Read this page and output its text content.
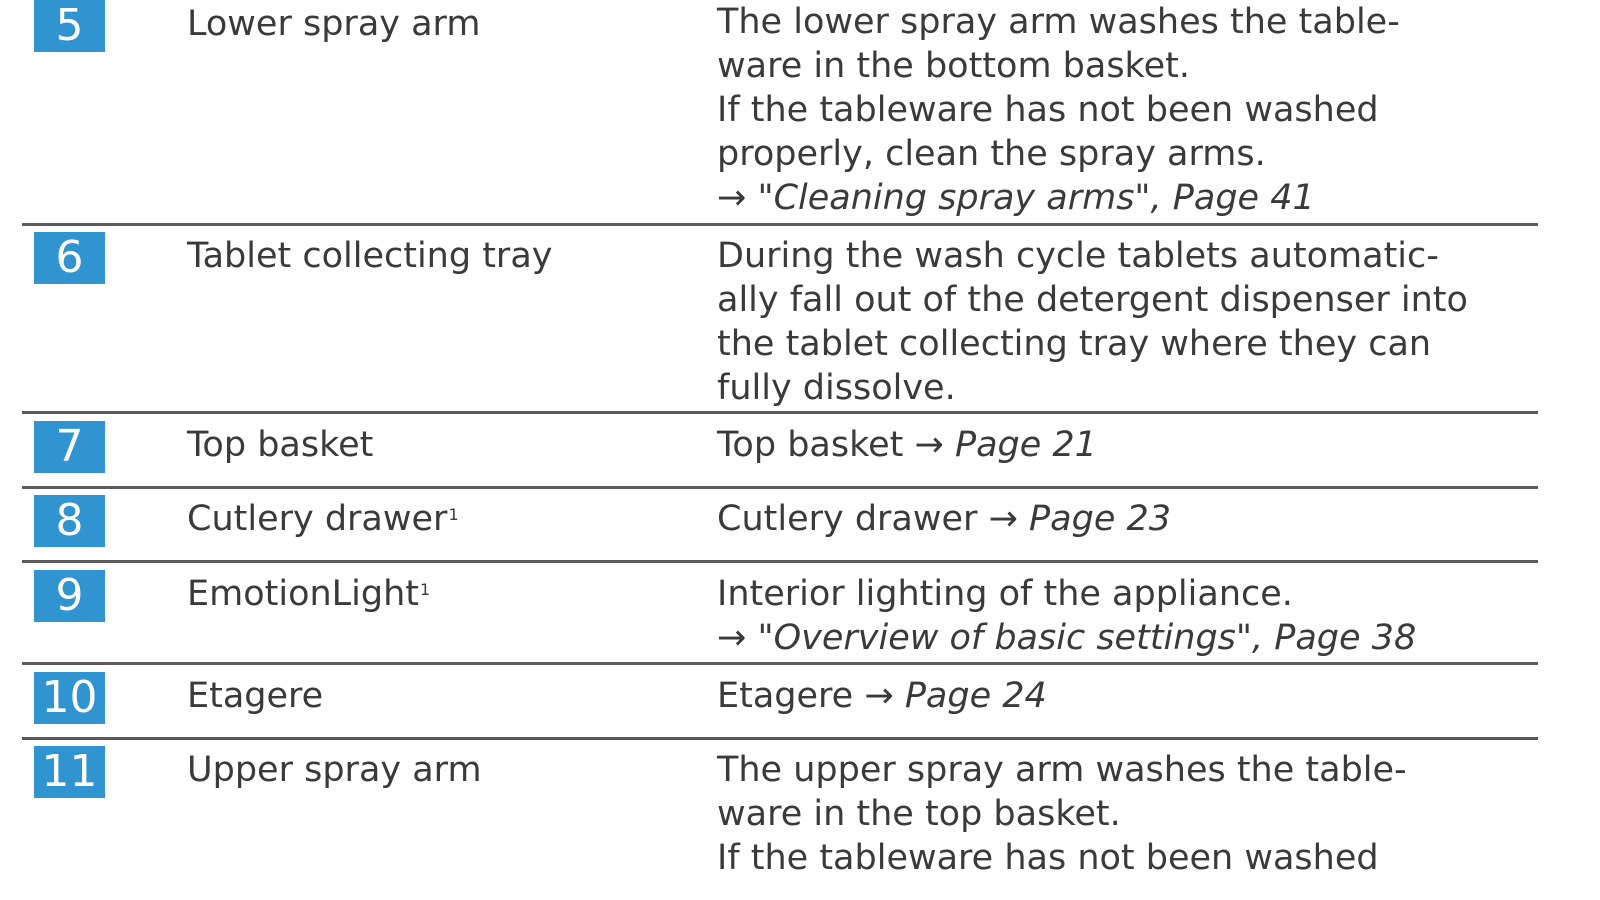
5	Lower spray arm	The lower spray arm washes the table-
ware in the bottom basket.
If the tableware has not been washed
properly, clean the spray arms.
→ "Cleaning spray arms", Page 41
6	Tablet collecting tray	During the wash cycle tablets automatic-
ally fall out of the detergent dispenser into
the tablet collecting tray where they can
fully dissolve.
7	Top basket	Top basket → Page 21
8	Cutlery drawer$^1$	Cutlery drawer → Page 23
9	EmotionLight$^1$	Interior lighting of the appliance.
→ "Overview of basic settings", Page 38
10	Etagere	Etagere → Page 24
11	Upper spray arm	The upper spray arm washes the table-
ware in the top basket.
If the tableware has not been washed
